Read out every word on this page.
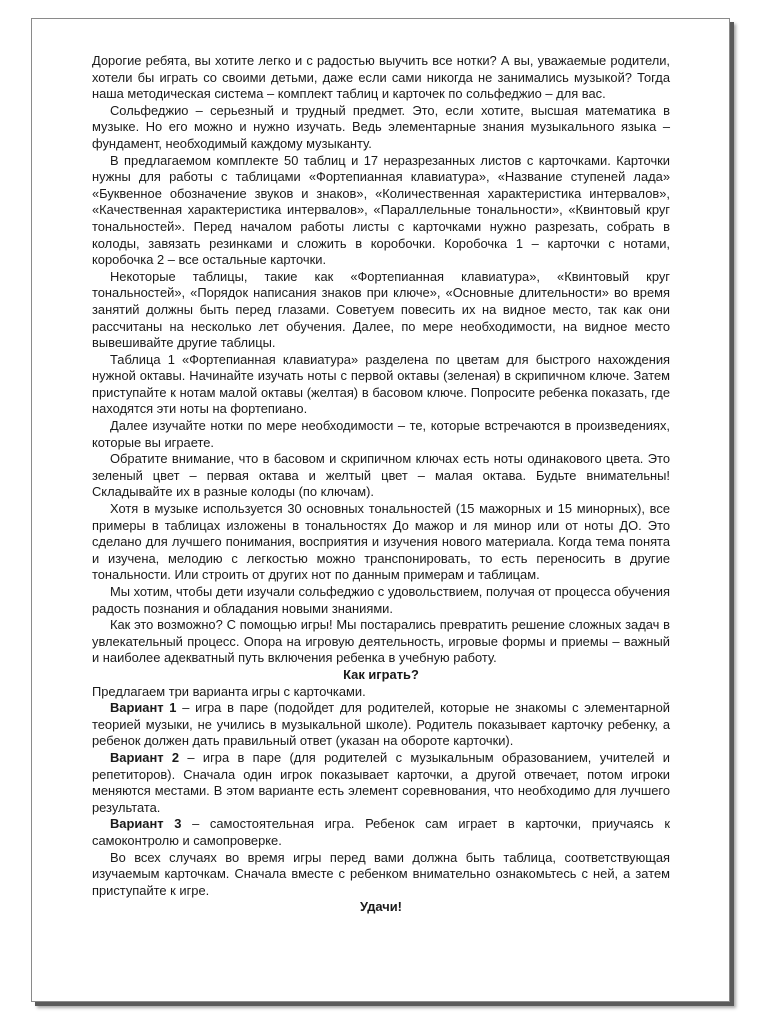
Дорогие ребята, вы хотите легко и с радостью выучить все нотки? А вы, уважаемые родители, хотели бы играть со своими детьми, даже если сами никогда не занимались музыкой? Тогда наша методическая система – комплект таблиц и карточек по сольфеджио – для вас.

Сольфеджио – серьезный и трудный предмет. Это, если хотите, высшая математика в музыке. Но его можно и нужно изучать. Ведь элементарные знания музыкального языка – фундамент, необходимый каждому музыканту.

В предлагаемом комплекте 50 таблиц и 17 неразрезанных листов с карточками. Карточки нужны для работы с таблицами «Фортепианная клавиатура», «Название ступеней лада» «Буквенное обозначение звуков и знаков», «Количественная характеристика интервалов», «Качественная характеристика интервалов», «Параллельные тональности», «Квинтовый круг тональностей». Перед началом работы листы с карточками нужно разрезать, собрать в колоды, завязать резинками и сложить в коробочки. Коробочка 1 – карточки с нотами, коробочка 2 – все остальные карточки.

Некоторые таблицы, такие как «Фортепианная клавиатура», «Квинтовый круг тональностей», «Порядок написания знаков при ключе», «Основные длительности» во время занятий должны быть перед глазами. Советуем повесить их на видное место, так как они рассчитаны на несколько лет обучения. Далее, по мере необходимости, на видное место вывешивайте другие таблицы.

Таблица 1 «Фортепианная клавиатура» разделена по цветам для быстрого нахождения нужной октавы. Начинайте изучать ноты с первой октавы (зеленая) в скрипичном ключе. Затем приступайте к нотам малой октавы (желтая) в басовом ключе. Попросите ребенка показать, где находятся эти ноты на фортепиано.

Далее изучайте нотки по мере необходимости – те, которые встречаются в произведениях, которые вы играете.

Обратите внимание, что в басовом и скрипичном ключах есть ноты одинакового цвета. Это зеленый цвет – первая октава и желтый цвет – малая октава. Будьте внимательны! Складывайте их в разные колоды (по ключам).

Хотя в музыке используется 30 основных тональностей (15 мажорных и 15 минорных), все примеры в таблицах изложены в тональностях До мажор и ля минор или от ноты ДО. Это сделано для лучшего понимания, восприятия и изучения нового материала. Когда тема понята и изучена, мелодию с легкостью можно транспонировать, то есть переносить в другие тональности. Или строить от других нот по данным примерам и таблицам.

Мы хотим, чтобы дети изучали сольфеджио с удовольствием, получая от процесса обучения радость познания и обладания новыми знаниями.

Как это возможно? С помощью игры! Мы постарались превратить решение сложных задач в увлекательный процесс. Опора на игровую деятельность, игровые формы и приемы – важный и наиболее адекватный путь включения ребенка в учебную работу.

Как играть?

Предлагаем три варианта игры с карточками.

Вариант 1 – игра в паре (подойдет для родителей, которые не знакомы с элементарной теорией музыки, не учились в музыкальной школе). Родитель показывает карточку ребенку, а ребенок должен дать правильный ответ (указан на обороте карточки).

Вариант 2 – игра в паре (для родителей с музыкальным образованием, учителей и репетиторов). Сначала один игрок показывает карточки, а другой отвечает, потом игроки меняются местами. В этом варианте есть элемент соревнования, что необходимо для лучшего результата.

Вариант 3 – самостоятельная игра. Ребенок сам играет в карточки, приучаясь к самоконтролю и самопроверке.

Во всех случаях во время игры перед вами должна быть таблица, соответствующая изучаемым карточкам. Сначала вместе с ребенком внимательно ознакомьтесь с ней, а затем приступайте к игре.

Удачи!
